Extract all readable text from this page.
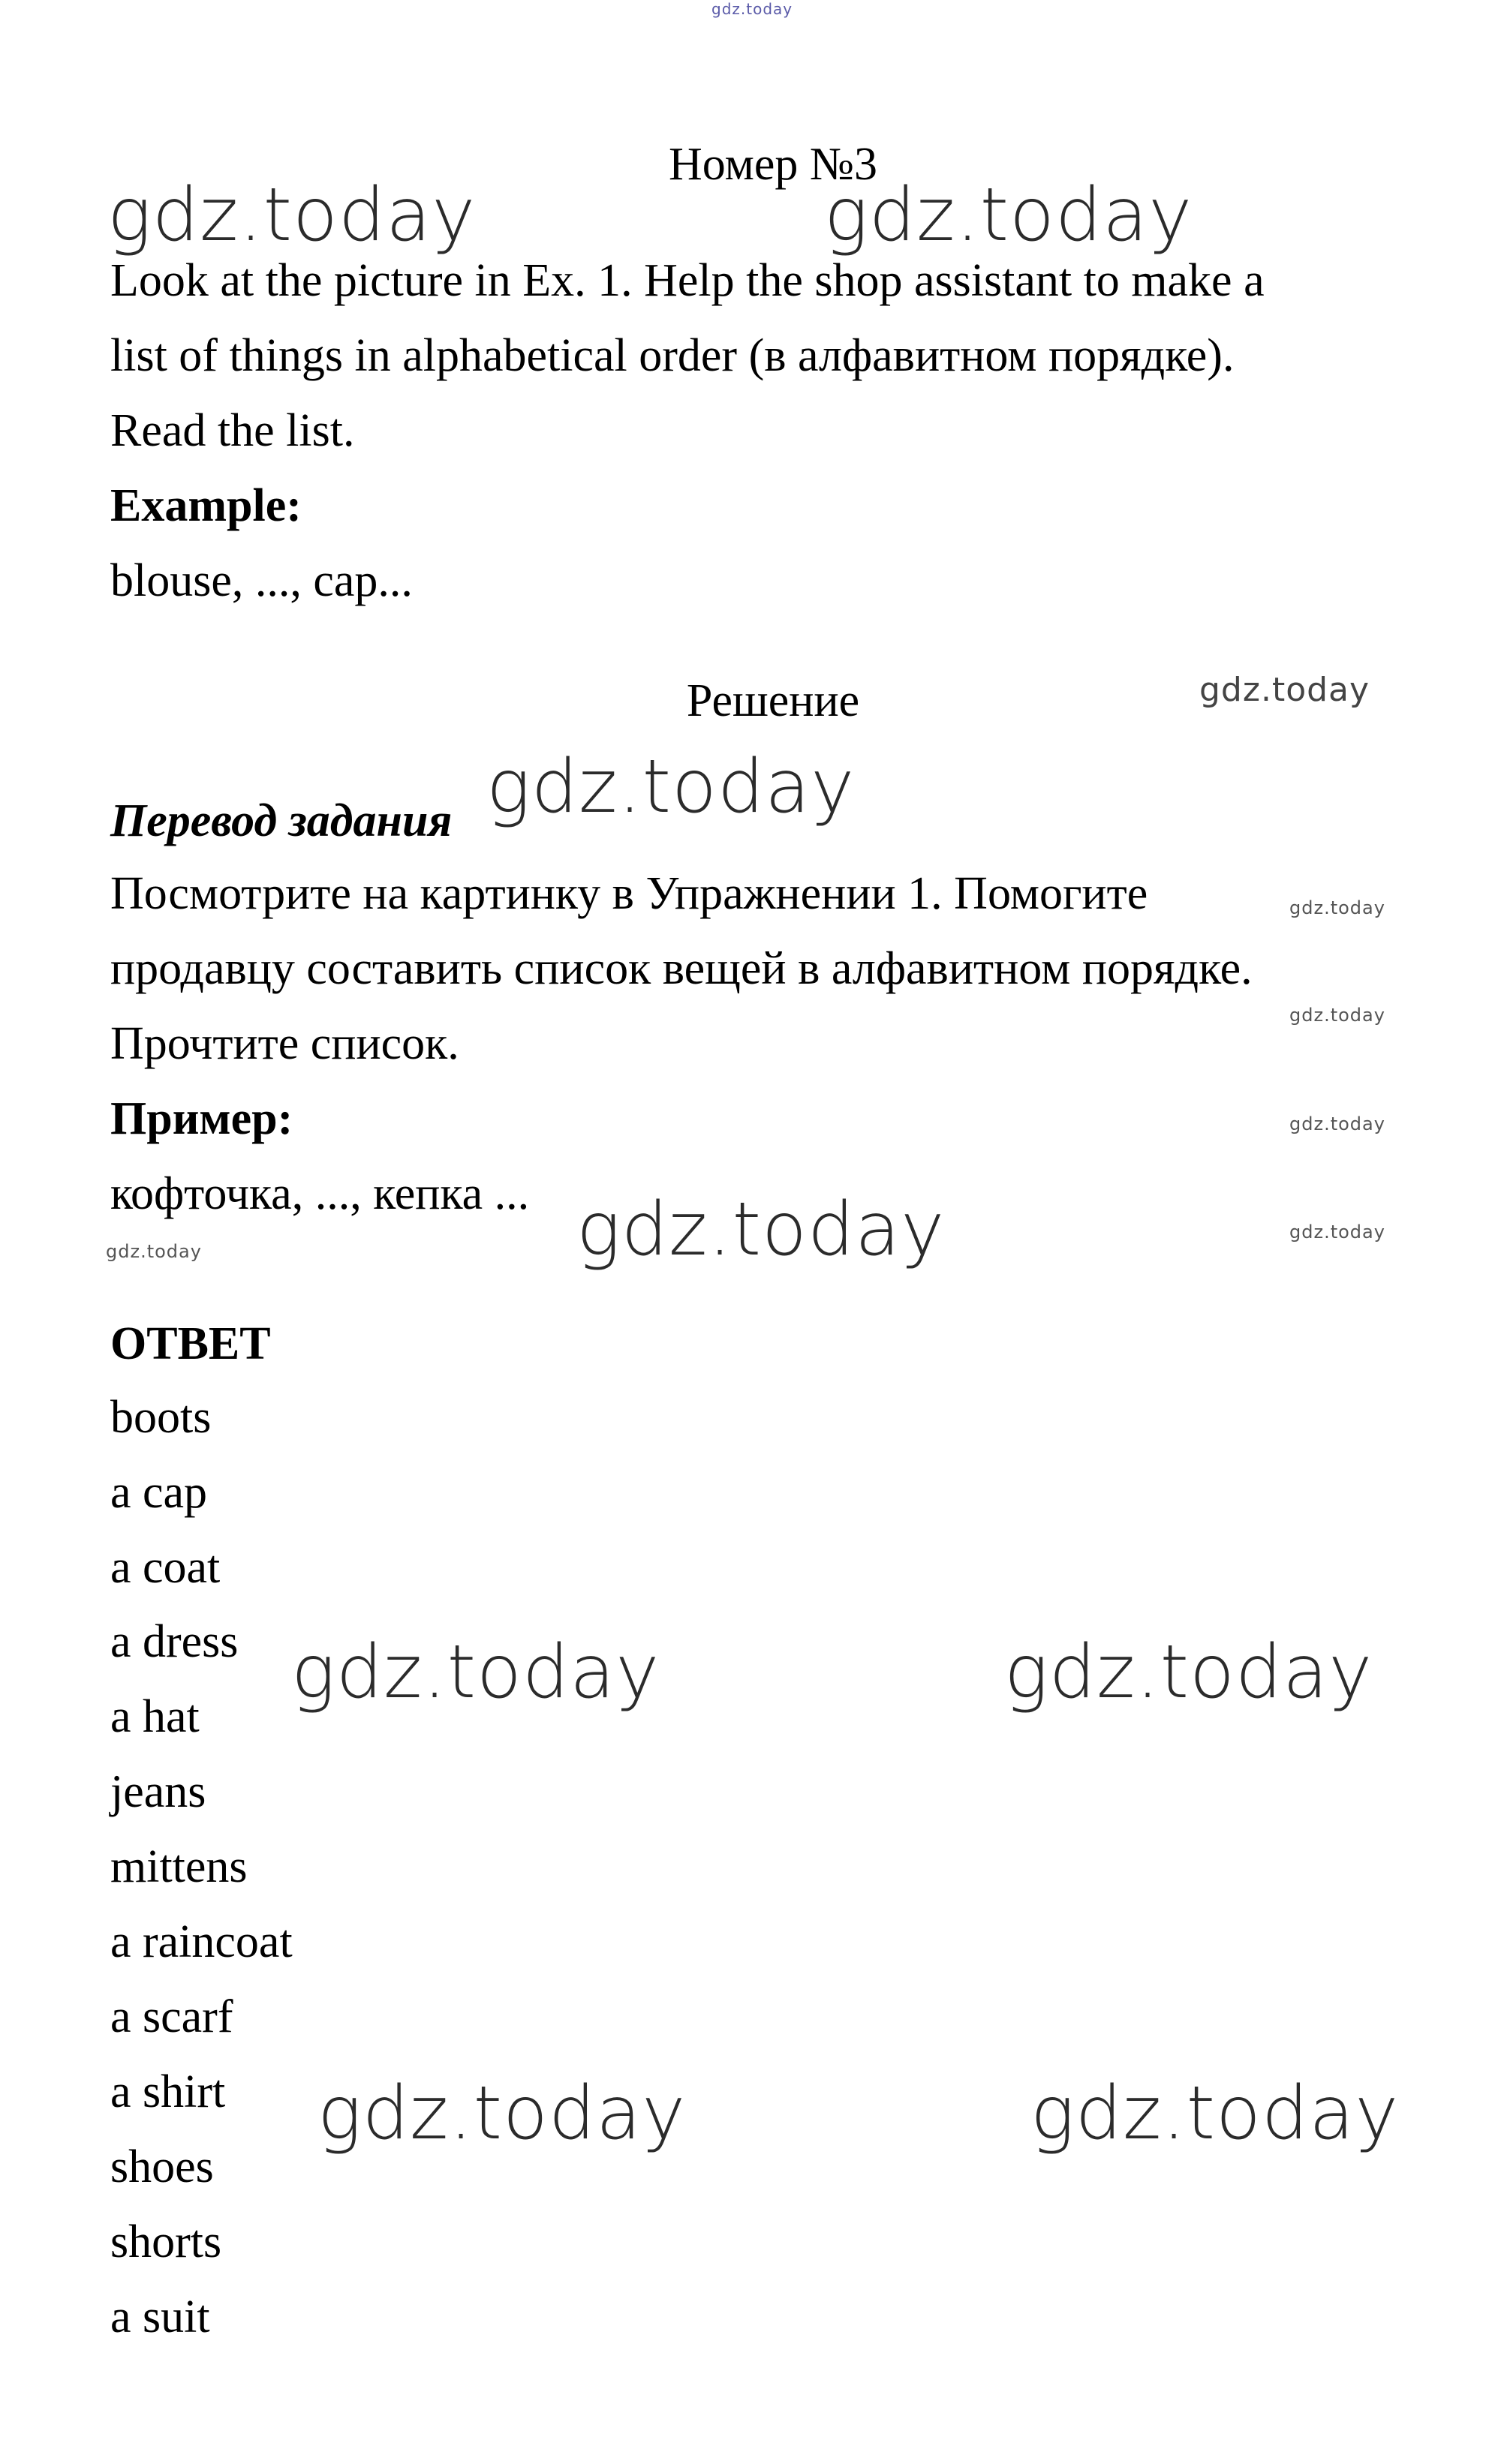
gdz.today
Номер №3
Look at the picture in Ex. 1. Help the shop assistant to make a
list of things in alphabetical order (в алфавитном порядке).
Read the list.
Example:
blouse, ..., cap...
Решение
Перевод задания
Посмотрите на картинку в Упражнении 1. Помогите
продавцу составить список вещей в алфавитном порядке.
Прочтите список.
Пример:
кофточка, ..., кепка ...
ОТВЕТ
boots
a cap
a coat
a dress
a hat
jeans
mittens
a raincoat
a scarf
a shirt
shoes
shorts
a suit
gdz.today	gdz.today
gdz.today
gdz.today
gdz.today	gdz.today
gdz.today	gdz.today
gdz.today
gdz.today
gdz.today
gdz.today
gdz.today
gdz.today
